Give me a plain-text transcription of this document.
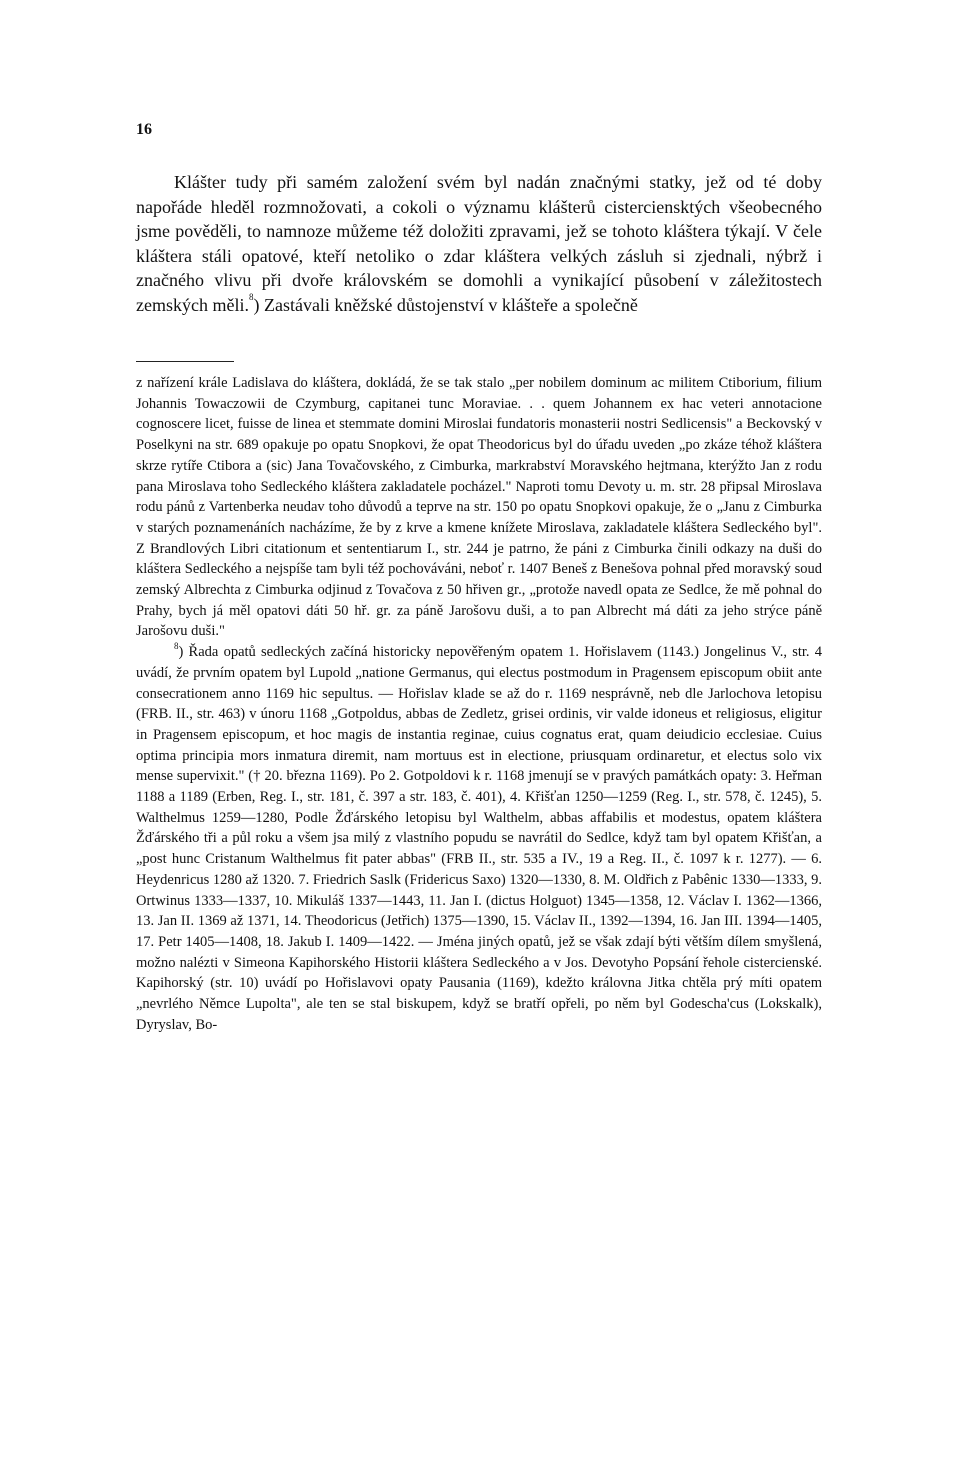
16

Klášter tudy při samém založení svém byl nadán značnými statky, jež od té doby napořáde hleděl rozmnožovati, a cokoli o významu klášterů cisterciensktých všeobecného jsme pověděli, to namnoze můžeme též doložiti zpravami, jež se tohoto kláštera týkají. V čele kláštera stáli opatové, kteří netoliko o zdar kláštera velkých zásluh si zjednali, nýbrž i značného vlivu při dvoře královském se domohli a vynikající působení v záležitostech zemských měli.$^8$) Zastávali kněžské důstojenství v klášteře a společně

z nařízení krále Ladislava do kláštera, dokládá, že se tak stalo „per nobilem dominum ac militem Ctiborium, filium Johannis Towaczowii de Czymburg, capitanei tunc Moraviae. . . quem Johannem ex hac veteri annotacione cognoscere licet, fuisse de linea et stemmate domini Miroslai fundatoris monasterii nostri Sedlicensis" a Beckovský v Poselkyni na str. 689 opakuje po opatu Snopkovi, že opat Theodoricus byl do úřadu uveden „po zkáze téhož kláštera skrze rytíře Ctibora a (sic) Jana Tovačovského, z Cimburka, markrabství Moravského hejtmana, kterýžto Jan z rodu pana Miroslava toho Sedleckého kláštera zakladatele pocházel." Naproti tomu Devoty u. m. str. 28 připsal Miroslava rodu pánů z Vartenberka neudav toho důvodů a teprve na str. 150 po opatu Snopkovi opakuje, že o „Janu z Cimburka v starých poznamenáních nacházíme, že by z krve a kmene knížete Miroslava, zakladatele kláštera Sedleckého byl". Z Brandlových Libri citationum et sententiarum I., str. 244 je patrno, že páni z Cimburka činili odkazy na duši do kláštera Sedleckého a nejspíše tam byli též pochováváni, neboť r. 1407 Beneš z Benešova pohnal před moravský soud zemský Albrechta z Cimburka odjinud z Tovačova z 50 hřiven gr., „protože navedl opata ze Sedlce, že mě pohnal do Prahy, bych já měl opatovi dáti 50 hř. gr. za páně Jarošovu duši, a to pan Albrecht má dáti za jeho strýce páně Jarošovu duši."

$^8$) Řada opatů sedleckých začíná historicky nepověřeným opatem 1. Hořislavem (1143.) Jongelinus V., str. 4 uvádí, že prvním opatem byl Lupold „natione Germanus, qui electus postmodum in Pragensem episcopum obiit ante consecrationem anno 1169 hic sepultus. — Hořislav klade se až do r. 1169 nesprávně, neb dle Jarlochova letopisu (FRB. II., str. 463) v únoru 1168 „Gotpoldus, abbas de Zedletz, grisei ordinis, vir valde idoneus et religiosus, eligitur in Pragensem episcopum, et hoc magis de instantia reginae, cuius cognatus erat, quam deiudicio ecclesiae. Cuius optima principia mors inmatura diremit, nam mortuus est in electione, priusquam ordinaretur, et electus solo vix mense supervixit." († 20. března 1169). Po 2. Gotpoldovi k r. 1168 jmenují se v pravých památkách opaty: 3. Heřman 1188 a 1189 (Erben, Reg. I., str. 181, č. 397 a str. 183, č. 401), 4. Křišťan 1250—1259 (Reg. I., str. 578, č. 1245), 5. Walthelmus 1259—1280, Podle Žďárského letopisu byl Walthelm, abbas affabilis et modestus, opatem kláštera Žďárského tři a půl roku a všem jsa milý z vlastního popudu se navrátil do Sedlce, když tam byl opatem Křišťan, a „post hunc Cristanum Walthelmus fit pater abbas" (FRB II., str. 535 a IV., 19 a Reg. II., č. 1097 k r. 1277). — 6. Heydenricus 1280 až 1320. 7. Friedrich Saslk (Fridericus Saxo) 1320—1330, 8. M. Oldřich z Pabênic 1330—1333, 9. Ortwinus 1333—1337, 10. Mikuláš 1337—1443, 11. Jan I. (dictus Holguot) 1345—1358, 12. Václav I. 1362—1366, 13. Jan II. 1369 až 1371, 14. Theodoricus (Jetřich) 1375—1390, 15. Václav II., 1392—1394, 16. Jan III. 1394—1405, 17. Petr 1405—1408, 18. Jakub I. 1409—1422. — Jména jiných opatů, jež se však zdají býti větším dílem smyšlená, možno nalézti v Simeona Kapihorského Historii kláštera Sedleckého a v Jos. Devotyho Popsání řehole cistercienské. Kapihorský (str. 10) uvádí po Hořislavovi opaty Pausania (1169), kdežto královna Jitka chtěla prý míti opatem „nevrlého Němce Lupolta", ale ten se stal biskupem, když se bratří opřeli, po něm byl Godescha'cus (Lokskalk), Dyryslav, Bo-
